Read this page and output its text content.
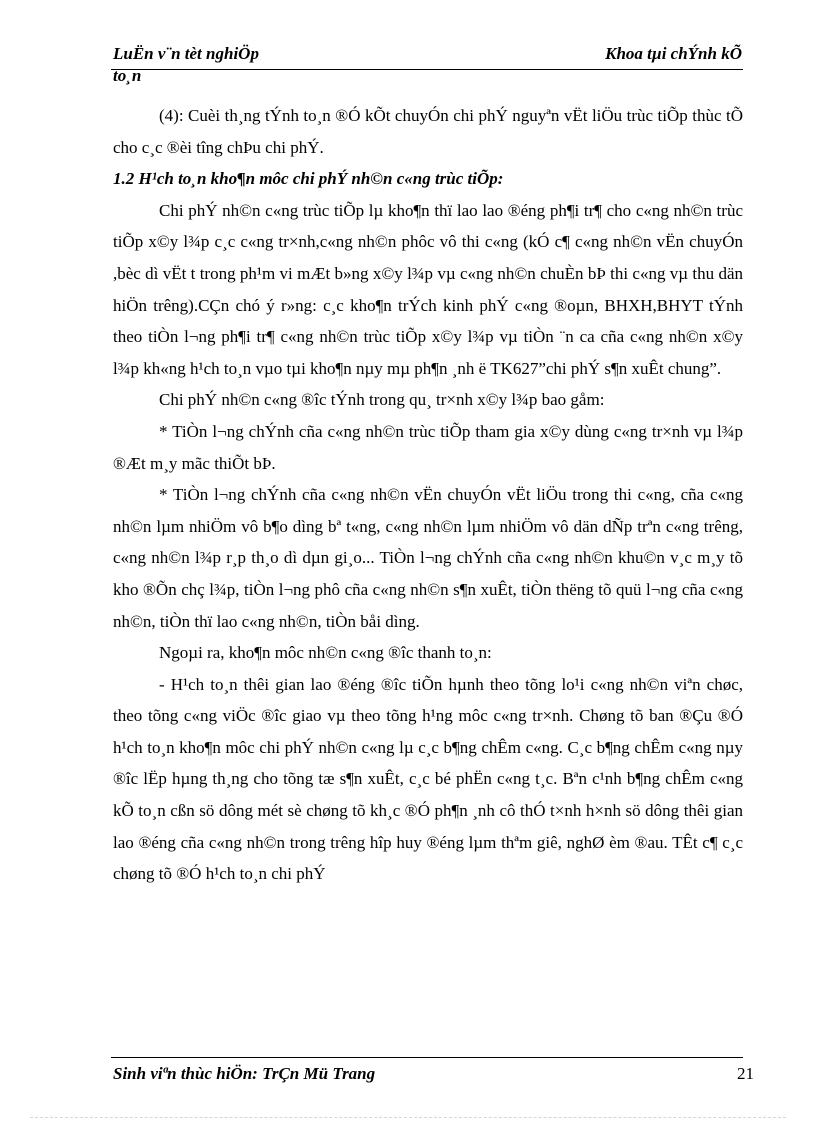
LuËn v¨n tèt nghiÖp	Khoa tµi chÝnh kÕ
to¸n

(4): Cuèi th¸ng tÝnh to¸n ®Ó kÕt chuyÓn chi phÝ nguyªn vËt liÖu trùc tiÕp thùc tÕ cho c¸c ®èi tîng chÞu chi phÝ.

1.2 H¹ch to¸n kho¶n môc chi phÝ nh©n c«ng trùc tiÕp:

Chi phÝ nh©n c«ng trùc tiÕp lµ kho¶n thï lao lao ®éng ph¶i tr¶ cho c«ng nh©n trùc tiÕp x©y l¾p c¸c c«ng tr×nh,c«ng nh©n phôc vô thi c«ng (kÓ c¶ c«ng nh©n vËn chuyÓn ,bèc dì vËt t trong ph¹m vi mÆt b»ng x©y l¾p vµ c«ng nh©n chuÈn bÞ thi c«ng vµ thu dän hiÖn trêng).CÇn chó ý r»ng: c¸c kho¶n trÝch kinh phÝ c«ng ®oµn, BHXH,BHYT tÝnh theo tiÒn l¬ng ph¶i tr¶ c«ng nh©n trùc tiÕp x©y l¾p vµ tiÒn ¨n ca cña c«ng nh©n x©y l¾p kh«ng h¹ch to¸n vµo tµi kho¶n nµy mµ ph¶n ¸nh ë TK627”chi phÝ s¶n xuÊt chung”.

Chi phÝ nh©n c«ng ®îc tÝnh trong qu¸ tr×nh x©y l¾p bao gåm:

* TiÒn l¬ng chÝnh cña c«ng nh©n trùc tiÕp tham gia x©y dùng c«ng tr×nh vµ l¾p ®Æt m¸y mãc thiÕt bÞ.

* TiÒn l¬ng chÝnh cña c«ng nh©n vËn chuyÓn vËt liÖu trong thi c«ng, cña c«ng nh©n lµm nhiÖm vô b¶o dìng bª t«ng, c«ng nh©n lµm nhiÖm vô dän dÑp trªn c«ng trêng, c«ng nh©n l¾p r¸p th¸o dì dµn gi¸o... TiÒn l¬ng chÝnh cña c«ng nh©n khu©n v¸c m¸y tõ kho ®Õn chç l¾p, tiÒn l¬ng phô cña c«ng nh©n s¶n xuÊt, tiÒn thëng tõ quü l¬ng cña c«ng nh©n, tiÒn thï lao c«ng nh©n, tiÒn båi dìng.

Ngoµi ra, kho¶n môc nh©n c«ng ®îc thanh to¸n:

- H¹ch to¸n thêi gian lao ®éng ®îc tiÕn hµnh theo tõng lo¹i c«ng nh©n viªn chøc, theo tõng c«ng viÖc ®îc giao vµ theo tõng h¹ng môc c«ng tr×nh. Chøng tõ ban ®Çu ®Ó h¹ch to¸n kho¶n môc chi phÝ nh©n c«ng lµ c¸c b¶ng chÊm c«ng. C¸c b¶ng chÊm c«ng nµy ®îc lËp hµng th¸ng cho tõng tæ s¶n xuÊt, c¸c bé phËn c«ng t¸c. Bªn c¹nh b¶ng chÊm c«ng kÕ to¸n cßn sö dông mét sè chøng tõ kh¸c ®Ó ph¶n ¸nh cô thÓ t×nh h×nh sö dông thêi gian lao ®éng cña c«ng nh©n trong trêng hîp huy ®éng lµm thªm giê, nghØ èm ®au. TÊt c¶ c¸c chøng tõ ®Ó h¹ch to¸n chi phÝ

Sinh viªn thùc hiÖn: TrÇn Mü Trang	21
